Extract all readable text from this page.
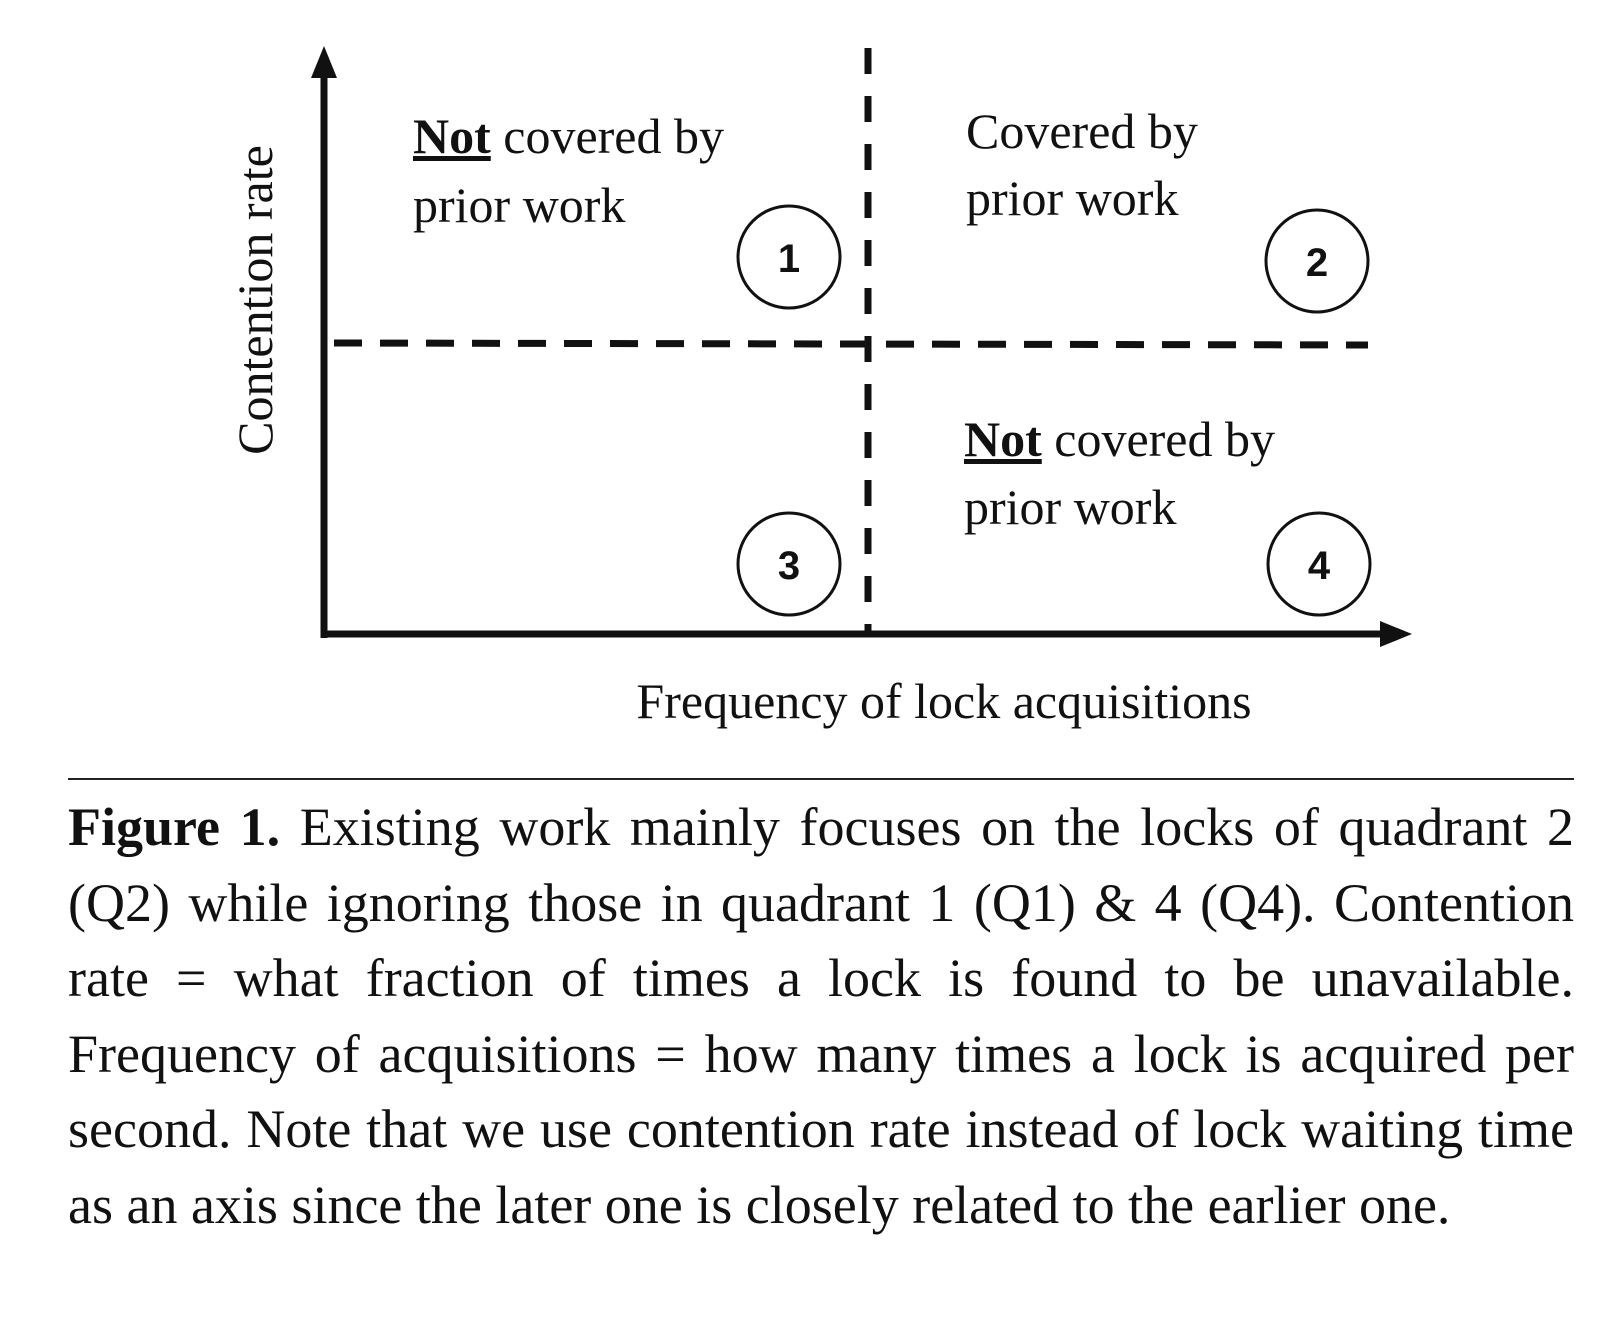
Contention rate
Frequency of lock acquisitions
Not covered by
prior work
Covered by
prior work
Not covered by
prior work
1	2
3	4
Figure 1. Existing work mainly focuses on the locks of quadrant 2 (Q2) while ignoring those in quadrant 1 (Q1) & 4 (Q4). Contention rate = what fraction of times a lock is found to be unavailable. Frequency of acquisitions = how many times a lock is acquired per second. Note that we use contention rate instead of lock waiting time as an axis since the later one is closely related to the earlier one.
